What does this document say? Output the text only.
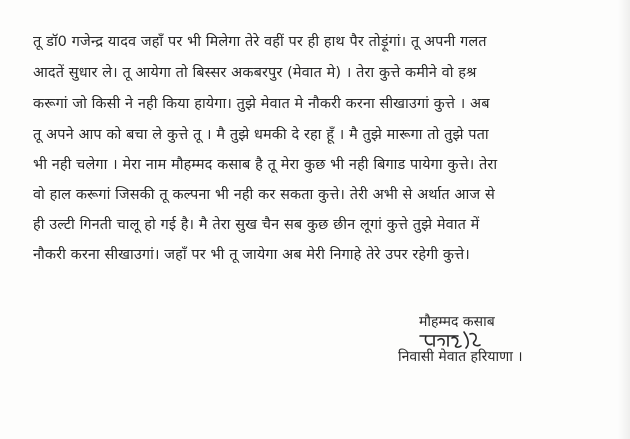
तू डॉ0 गजेन्द्र यादव जहॉं पर भी मिलेगा तेरे वहीं पर ही हाथ पैर तोड़ूंगां। तू अपनी गलत
आदतें सुधार ले। तू आयेगा तो बिस्सर अकबरपुर (मेवात मे) । तेरा कुत्ते कमीने वो हश्र
करूगां जो किसी ने नही किया हायेगा। तुझे मेवात मे नौकरी करना सीखाउगां कुत्ते । अब
तू अपने आप को बचा ले कुत्ते तू । मै तुझे धमकी दे रहा हूँ । मै तुझे मारूगा तो तुझे पता
भी नही चलेगा । मेरा नाम मौहम्मद कसाब है तू मेरा कुछ भी नही बिगाड पायेगा कुत्ते। तेरा
वो हाल करूगां जिसकी तू कल्पना भी नही कर सकता कुत्ते। तेरी अभी से अर्थात आज से
ही उल्टी गिनती चालू हो गई है। मै तेरा सुख चैन सब कुछ छीन लूगां कुत्ते तुझे मेवात में
नौकरी करना सीखाउगां। जहॉं पर भी तू जायेगा अब मेरी निगाहे तेरे उपर रहेगी कुत्ते।
मौहम्मद कसाब
निवासी मेवात हरियाणा ।
